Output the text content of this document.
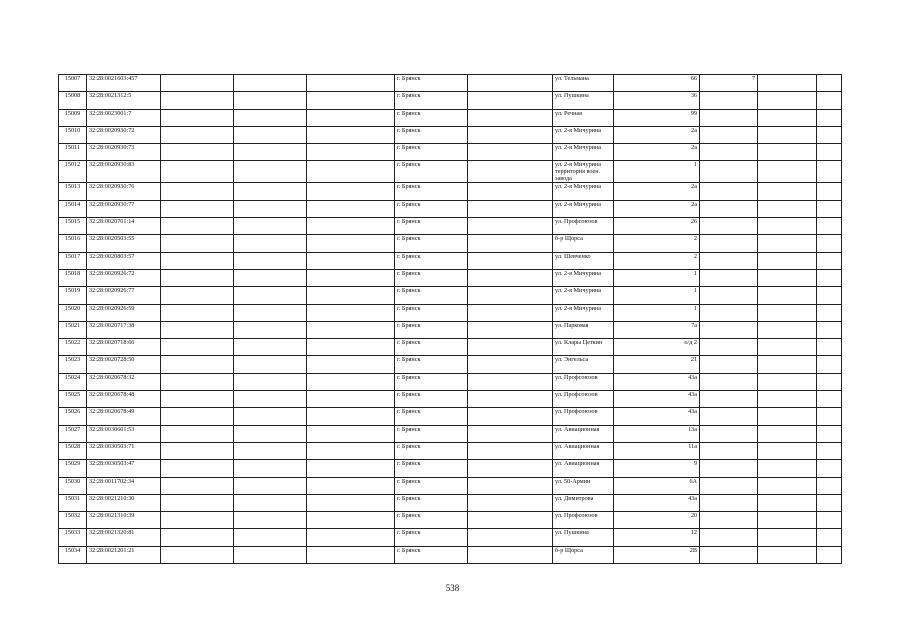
15007	32:28:0021603:457				г. Брянск		ул. Тельмана	66	7		
15008	32:28:0021312:5				г. Брянск		ул. Пушкина	36			
15009	32:28:0023001:7				г. Брянск		ул. Речная	99			
15010	32:28:0020930:72				г. Брянск		ул. 2-я Мичурина	2а			
15011	32:28:0020930:73				г. Брянск		ул. 2-я Мичурина	2а			
15012	32:28:0020930:83				г. Брянск		ул. 2-я Мичурина территория воен. завода	1			
15013	32:28:0020930:76				г. Брянск		ул. 2-я Мичурина	2а			
15014	32:28:0020930:77				г. Брянск		ул. 2-я Мичурина	2а			
15015	32:28:0020701:14				г. Брянск		ул. Профсоюзов	26			
15016	32:28:0020503:55				г. Брянск		б-р Щорса	2			
15017	32:28:0020803:57				г. Брянск		ул. Шевченко	2			
15018	32:28:0020926:72				г. Брянск		ул. 2-я Мичурина	1			
15019	32:28:0020926:77				г. Брянск		ул. 2-я Мичурина	1			
15020	32:28:0020926:59				г. Брянск		ул. 2-я Мичурина	1			
15021	32:28:0020717:38				г. Брянск		ул. Парковая	7а			
15022	32:28:0020718:66				г. Брянск		ул. Клары Цеткин	о/д 2			
15023	32:28:0020728:50				г. Брянск		ул. Энгельса	21			
15024	32:28:0020678:32				г. Брянск		ул. Профсоюзов	43а			
15025	32:28:0020678:48				г. Брянск		ул. Профсоюзов	43а			
15026	32:28:0020678:49				г. Брянск		ул. Профсоюзов	43а			
15027	32:28:0030601:53				г. Брянск		ул. Авиационная	13а			
15028	32:28:0030503:71				г. Брянск		ул. Авиационная	11а			
15029	32:28:0030503:47				г. Брянск		ул. Авиационная	9			
15030	32:28:0011702:34				г. Брянск		ул. 50-Армии	6А			
15031	32:28:0021210:30				г. Брянск		ул. Димитрова	43а			
15032	32:28:0021310:39				г. Брянск		ул. Профсоюзов	20			
15033	32:28:0021320:81				г. Брянск		ул. Пушкина	12			
15034	32:28:0021201:21				г. Брянск		б-р Щорса	2В			
538
